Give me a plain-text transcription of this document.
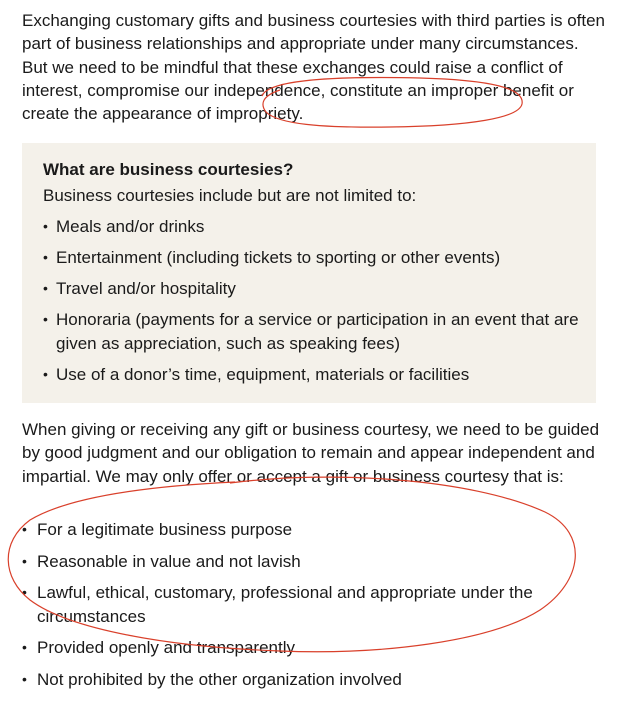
Exchanging customary gifts and business courtesies with third parties is often part of business relationships and appropriate under many circumstances. But we need to be mindful that these exchanges could raise a conflict of interest, compromise our independence, constitute an improper benefit or create the appearance of impropriety.

What are business courtesies?

Business courtesies include but are not limited to:

• Meals and/or drinks
• Entertainment (including tickets to sporting or other events)
• Travel and/or hospitality
• Honoraria (payments for a service or participation in an event that are given as appreciation, such as speaking fees)
• Use of a donor’s time, equipment, materials or facilities

When giving or receiving any gift or business courtesy, we need to be guided by good judgment and our obligation to remain and appear independent and impartial. We may only offer or accept a gift or business courtesy that is:

• For a legitimate business purpose
• Reasonable in value and not lavish
• Lawful, ethical, customary, professional and appropriate under the circumstances
• Provided openly and transparently
• Not prohibited by the other organization involved
